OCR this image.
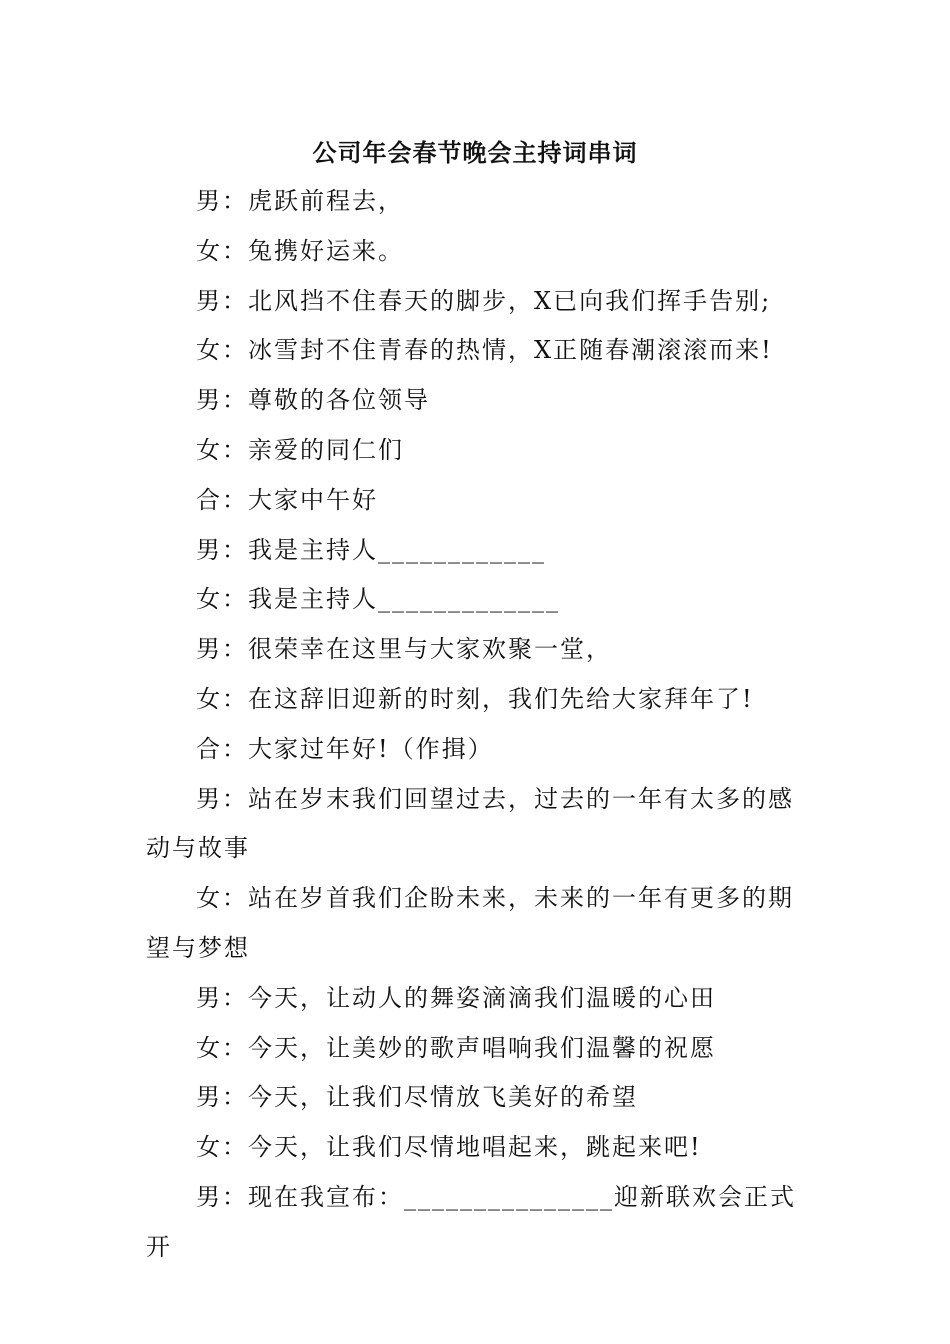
公司年会春节晚会主持词串词

男：虎跃前程去，

女：兔携好运来。

男：北风挡不住春天的脚步，X已向我们挥手告别;

女：冰雪封不住青春的热情，X正随春潮滚滚而来!

男：尊敬的各位领导

女：亲爱的同仁们

合：大家中午好

男：我是主持人____________

女：我是主持人_____________

男：很荣幸在这里与大家欢聚一堂，

女：在这辞旧迎新的时刻，我们先给大家拜年了!

合：大家过年好!（作揖）

男：站在岁末我们回望过去，过去的一年有太多的感动与故事

女：站在岁首我们企盼未来，未来的一年有更多的期望与梦想

男：今天，让动人的舞姿滴滴我们温暖的心田

女：今天，让美妙的歌声唱响我们温馨的祝愿

男：今天，让我们尽情放飞美好的希望

女：今天，让我们尽情地唱起来，跳起来吧!

男：现在我宣布：_______________迎新联欢会正式开
